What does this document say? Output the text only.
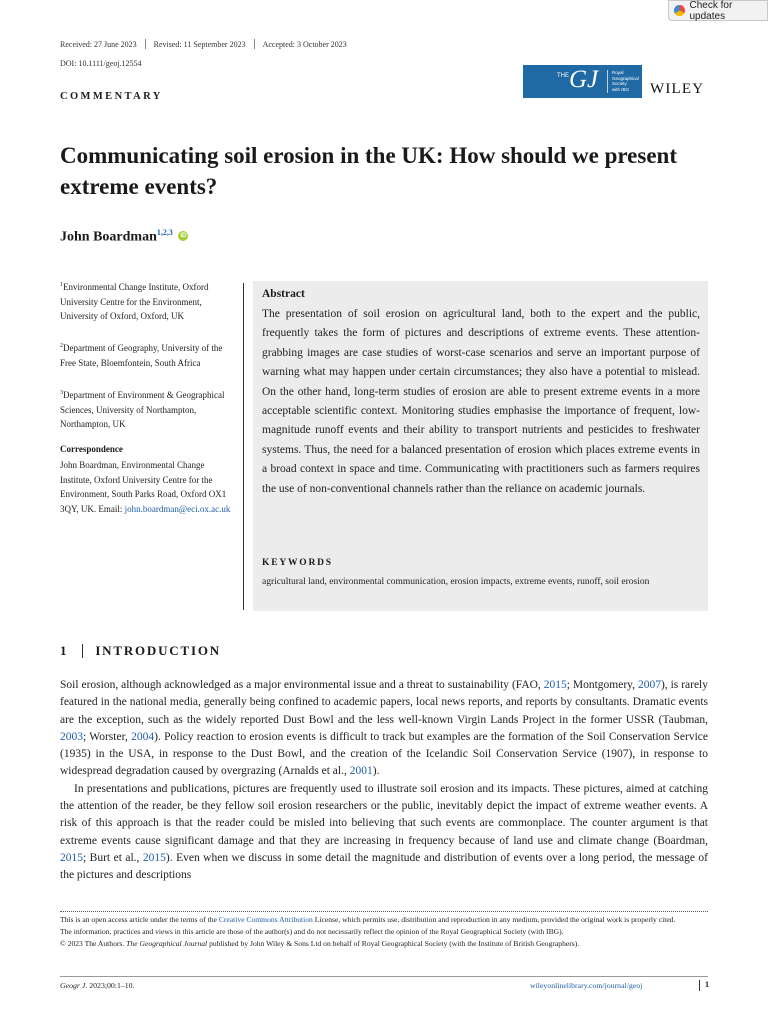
Check for updates
Received: 27 June 2023 Revised: 11 September 2023 Accepted: 3 October 2023
DOI: 10.1111/geoj.12554
COMMENTARY
THE GJ	Royal
Geographical
Society
with IBG	WILEY
Communicating soil erosion in the UK: How should we present extreme events?
John Boardman$^{1,2,3}$ iD
$^1$Environmental Change Institute, Oxford University Centre for the Environment, University of Oxford, Oxford, UK
$^2$Department of Geography, University of the Free State, Bloemfontein, South Africa
$^3$Department of Environment & Geographical Sciences, University of Northampton, Northampton, UK
Correspondence
John Boardman, Environmental Change Institute, Oxford University Centre for the Environment, South Parks Road, Oxford OX1 3QY, UK. Email: john.boardman@eci.ox.ac.uk
Abstract
The presentation of soil erosion on agricultural land, both to the expert and the public, frequently takes the form of pictures and descriptions of extreme events. These attention-grabbing images are case studies of worst-case scenarios and serve an important purpose of warning what may happen under certain circumstances; they also have a potential to mislead. On the other hand, long-term studies of erosion are able to present extreme events in a more acceptable scientific context. Monitoring studies emphasise the importance of frequent, low-magnitude runoff events and their ability to transport nutrients and pesticides to freshwater systems. Thus, the need for a balanced presentation of erosion which places extreme events in a broad context in space and time. Communicating with practitioners such as farmers requires the use of non-conventional channels rather than the reliance on academic journals.
KEYWORDS
agricultural land, environmental communication, erosion impacts, extreme events, runoff, soil erosion
1 INTRODUCTION

Soil erosion, although acknowledged as a major environmental issue and a threat to sustainability (FAO, 2015; Montgomery, 2007), is rarely featured in the national media, generally being confined to academic papers, local news reports, and reports by consultants. Dramatic events are the exception, such as the widely reported Dust Bowl and the less well-known Virgin Lands Project in the former USSR (Taubman, 2003; Worster, 2004). Policy reaction to erosion events is difficult to track but examples are the formation of the Soil Conservation Service (1935) in the USA, in response to the Dust Bowl, and the creation of the Icelandic Soil Conservation Service (1907), in response to widespread degradation caused by overgrazing (Arnalds et al., 2001).

In presentations and publications, pictures are frequently used to illustrate soil erosion and its impacts. These pictures, aimed at catching the attention of the reader, be they fellow soil erosion researchers or the public, inevitably depict the impact of extreme weather events. A risk of this approach is that the reader could be misled into believing that such events are commonplace. The counter argument is that extreme events cause significant damage and that they are increasing in frequency because of land use and climate change (Boardman, 2015; Burt et al., 2015). Even when we discuss in some detail the magnitude and distribution of events over a long period, the message of the pictures and descriptions

This is an open access article under the terms of the Creative Commons Attribution License, which permits use, distribution and reproduction in any medium, provided the original work is properly cited.

The information, practices and views in this article are those of the author(s) and do not necessarily reflect the opinion of the Royal Geographical Society (with IBG).

© 2023 The Authors. The Geographical Journal published by John Wiley & Sons Ltd on behalf of Royal Geographical Society (with the Institute of British Geographers).

Geogr J. 2023;00:1–10.	wileyonlinelibrary.com/journal/geoj	1
